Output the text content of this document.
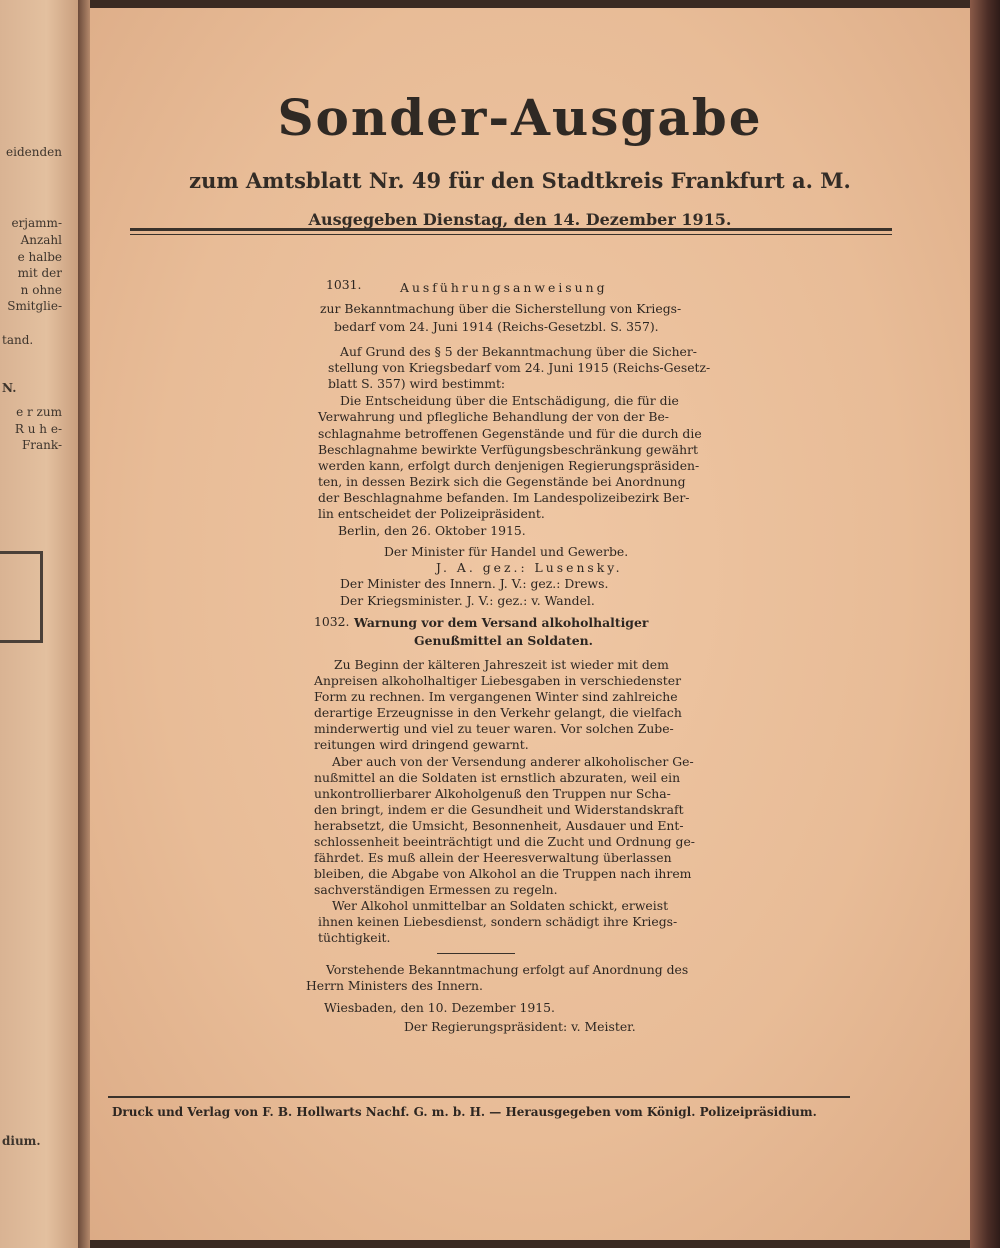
eidenden
erjamm-
Anzahl
e halbe
mit der
n ohne
Smitglie-
tand.
N.
e r zum
R u h e-
Frank-
dium.
Sonder-Ausgabe
zum Amtsblatt Nr. 49 für den Stadtkreis Frankfurt a. M.
Ausgegeben Dienstag, den 14. Dezember 1915.
1031.	Ausführungsanweisung
zur Bekanntmachung über die Sicherstellung von Kriegs-
bedarf vom 24. Juni 1914 (Reichs-Gesetzbl. S. 357).
Auf Grund des § 5 der Bekanntmachung über die Sicher-
stellung von Kriegsbedarf vom 24. Juni 1915 (Reichs-Gesetz-
blatt S. 357) wird bestimmt:
Die Entscheidung über die Entschädigung, die für die
Verwahrung und pflegliche Behandlung der von der Be-
schlagnahme betroffenen Gegenstände und für die durch die
Beschlagnahme bewirkte Verfügungsbeschränkung gewährt
werden kann, erfolgt durch denjenigen Regierungspräsiden-
ten, in dessen Bezirk sich die Gegenstände bei Anordnung
der Beschlagnahme befanden. Im Landespolizeibezirk Ber-
lin entscheidet der Polizeipräsident.
Berlin, den 26. Oktober 1915.
Der Minister für Handel und Gewerbe.
J. A. gez.: Lusensky.
Der Minister des Innern. J. V.: gez.: Drews.
Der Kriegsminister. J. V.: gez.: v. Wandel.
1032. Warnung vor dem Versand alkoholhaltiger
Genußmittel an Soldaten.
Zu Beginn der kälteren Jahreszeit ist wieder mit dem
Anpreisen alkoholhaltiger Liebesgaben in verschiedenster
Form zu rechnen. Im vergangenen Winter sind zahlreiche
derartige Erzeugnisse in den Verkehr gelangt, die vielfach
minderwertig und viel zu teuer waren. Vor solchen Zube-
reitungen wird dringend gewarnt.
Aber auch von der Versendung anderer alkoholischer Ge-
nußmittel an die Soldaten ist ernstlich abzuraten, weil ein
unkontrollierbarer Alkoholgenuß den Truppen nur Scha-
den bringt, indem er die Gesundheit und Widerstandskraft
herabsetzt, die Umsicht, Besonnenheit, Ausdauer und Ent-
schlossenheit beeinträchtigt und die Zucht und Ordnung ge-
fährdet. Es muß allein der Heeresverwaltung überlassen
bleiben, die Abgabe von Alkohol an die Truppen nach ihrem
sachverständigen Ermessen zu regeln.
Wer Alkohol unmittelbar an Soldaten schickt, erweist
ihnen keinen Liebesdienst, sondern schädigt ihre Kriegs-
tüchtigkeit.
Vorstehende Bekanntmachung erfolgt auf Anordnung des
Herrn Ministers des Innern.
Wiesbaden, den 10. Dezember 1915.
Der Regierungspräsident: v. Meister.
Druck und Verlag von F. B. Hollwarts Nachf. G. m. b. H. — Herausgegeben vom Königl. Polizeipräsidium.
